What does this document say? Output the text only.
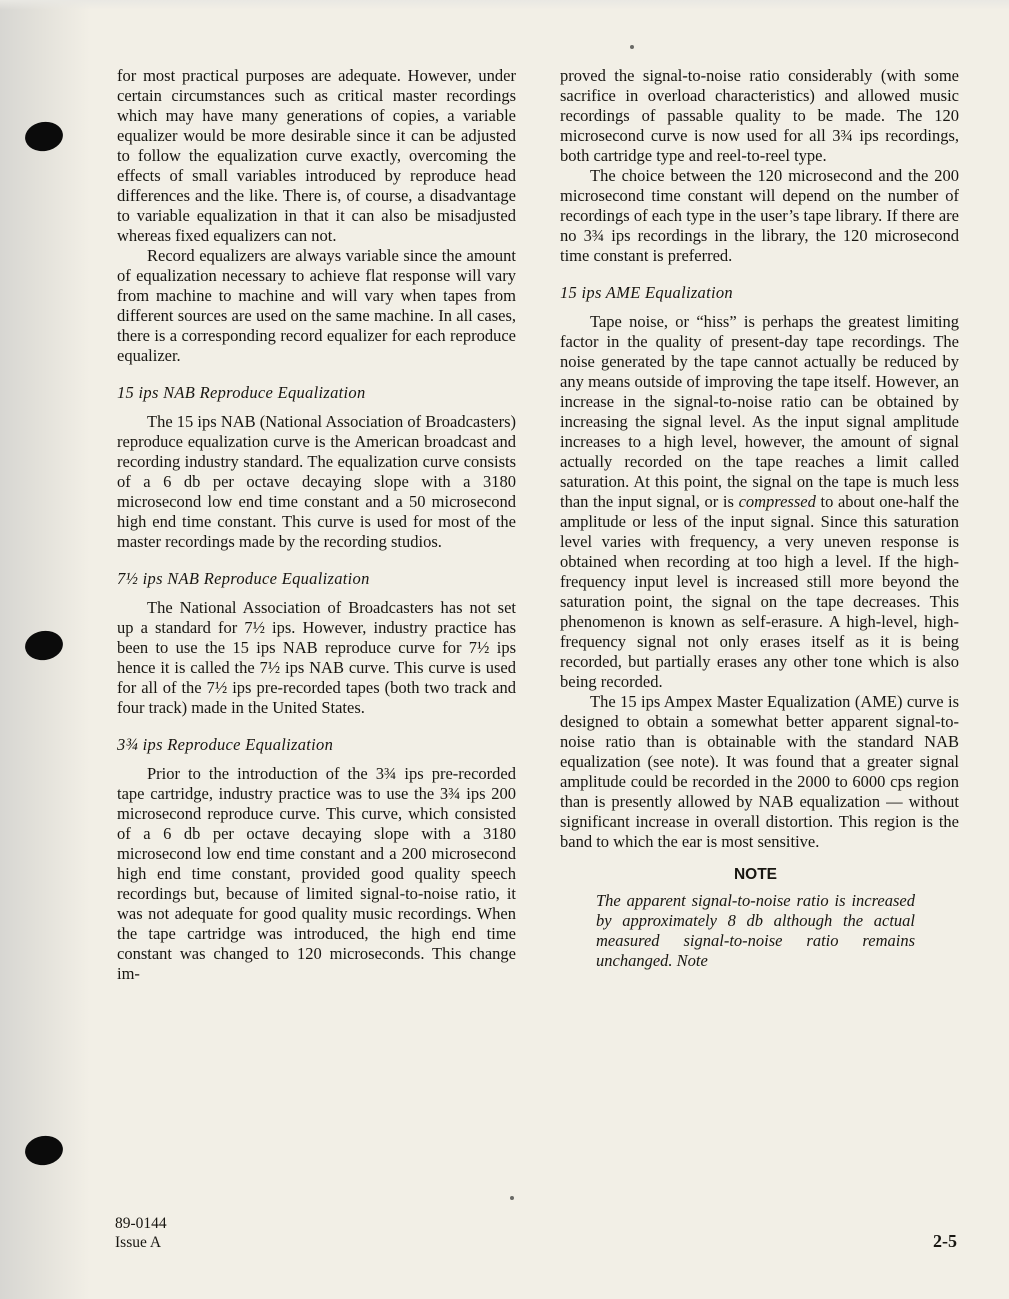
for most practical purposes are adequate. However, under certain circumstances such as critical master recordings which may have many generations of copies, a variable equalizer would be more desirable since it can be adjusted to follow the equalization curve exactly, overcoming the effects of small variables introduced by reproduce head differences and the like. There is, of course, a disadvantage to variable equalization in that it can also be misadjusted whereas fixed equalizers can not.

Record equalizers are always variable since the amount of equalization necessary to achieve flat response will vary from machine to machine and will vary when tapes from different sources are used on the same machine. In all cases, there is a corresponding record equalizer for each reproduce equalizer.

15 ips NAB Reproduce Equalization

The 15 ips NAB (National Association of Broadcasters) reproduce equalization curve is the American broadcast and recording industry standard. The equalization curve consists of a 6 db per octave decaying slope with a 3180 microsecond low end time constant and a 50 microsecond high end time constant. This curve is used for most of the master recordings made by the recording studios.

7½ ips NAB Reproduce Equalization

The National Association of Broadcasters has not set up a standard for 7½ ips. However, industry practice has been to use the 15 ips NAB reproduce curve for 7½ ips hence it is called the 7½ ips NAB curve. This curve is used for all of the 7½ ips pre-recorded tapes (both two track and four track) made in the United States.

3¾ ips Reproduce Equalization

Prior to the introduction of the 3¾ ips pre-recorded tape cartridge, industry practice was to use the 3¾ ips 200 microsecond reproduce curve. This curve, which consisted of a 6 db per octave decaying slope with a 3180 microsecond low end time constant and a 200 microsecond high end time constant, provided good quality speech recordings but, because of limited signal-to-noise ratio, it was not adequate for good quality music recordings. When the tape cartridge was introduced, the high end time constant was changed to 120 microseconds. This change im-

proved the signal-to-noise ratio considerably (with some sacrifice in overload characteristics) and allowed music recordings of passable quality to be made. The 120 microsecond curve is now used for all 3¾ ips recordings, both cartridge type and reel-to-reel type.

The choice between the 120 microsecond and the 200 microsecond time constant will depend on the number of recordings of each type in the user’s tape library. If there are no 3¾ ips recordings in the library, the 120 microsecond time constant is preferred.

15 ips AME Equalization

Tape noise, or “hiss” is perhaps the greatest limiting factor in the quality of present-day tape recordings. The noise generated by the tape cannot actually be reduced by any means outside of improving the tape itself. However, an increase in the signal-to-noise ratio can be obtained by increasing the signal level. As the input signal amplitude increases to a high level, however, the amount of signal actually recorded on the tape reaches a limit called saturation. At this point, the signal on the tape is much less than the input signal, or is compressed to about one-half the amplitude or less of the input signal. Since this saturation level varies with frequency, a very uneven response is obtained when recording at too high a level. If the high-frequency input level is increased still more beyond the saturation point, the signal on the tape decreases. This phenomenon is known as self-erasure. A high-level, high-frequency signal not only erases itself as it is being recorded, but partially erases any other tone which is also being recorded.

The 15 ips Ampex Master Equalization (AME) curve is designed to obtain a somewhat better apparent signal-to-noise ratio than is obtainable with the standard NAB equalization (see note). It was found that a greater signal amplitude could be recorded in the 2000 to 6000 cps region than is presently allowed by NAB equalization — without significant increase in overall distortion. This region is the band to which the ear is most sensitive.

NOTE

The apparent signal-to-noise ratio is increased by approximately 8 db although the actual measured signal-to-noise ratio remains unchanged. Note

89-0144
Issue A	2-5
